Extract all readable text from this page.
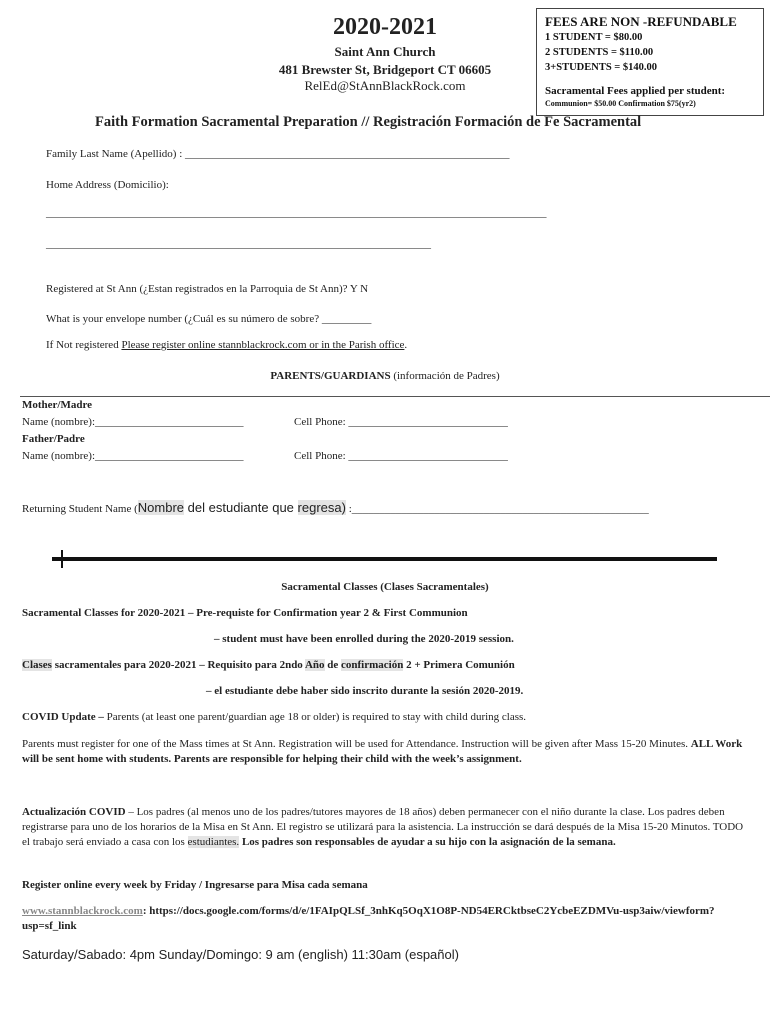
2020-2021
Saint Ann Church
481 Brewster St, Bridgeport CT 06605
RelEd@StAnnBlackRock.com
FEES ARE NON -REFUNDABLE
1 STUDENT = $80.00
2 STUDENTS = $110.00
3+STUDENTS = $140.00
Sacramental Fees applied per student:
Communion= $50.00 Confirmation $75(yr2)
Faith Formation Sacramental Preparation // Registración Formación de Fe Sacramental
Family Last Name (Apellido) : ___________________________________________________________
Home Address (Domicilio):
___________________________________________________________________________________________
______________________________________________________________________
Registered at St Ann (¿Estan registrados en la Parroquia de St Ann)? Y N
What is your envelope number (¿Cuál es su número de sobre? _________
If Not registered Please register online stannblackrock.com or in the Parish office.
PARENTS/GUARDIANS (información de Padres)
Mother/Madre
Name (nombre):___________________________	Cell Phone: _____________________________
Father/Padre
Name (nombre):___________________________	Cell Phone: _____________________________
Returning Student Name (Nombre del estudiante que regresa) :______________________________________________________
Sacramental Classes (Clases Sacramentales)
Sacramental Classes for 2020-2021 – Pre-requiste for Confirmation year 2 & First Communion
– student must have been enrolled during the 2020-2019 session.
Clases sacramentales para 2020-2021 – Requisito para 2ndo Año de confirmación 2 + Primera Comunión
– el estudiante debe haber sido inscrito durante la sesión 2020-2019.
COVID Update – Parents (at least one parent/guardian age 18 or older) is required to stay with child during class.
Parents must register for one of the Mass times at St Ann. Registration will be used for Attendance. Instruction will be given after Mass 15-20 Minutes. ALL Work will be sent home with students. Parents are responsible for helping their child with the week’s assignment.
Actualización COVID – Los padres (al menos uno de los padres/tutores mayores de 18 años) deben permanecer con el niño durante la clase. Los padres deben registrarse para uno de los horarios de la Misa en St Ann. El registro se utilizará para la asistencia. La instrucción se dará después de la Misa 15-20 Minutos. TODO el trabajo será enviado a casa con los estudiantes. Los padres son responsables de ayudar a su hijo con la asignación de la semana.
Register online every week by Friday / Ingresarse para Misa cada semana
www.stannblackrock.com: https://docs.google.com/forms/d/e/1FAIpQLSf_3nhKq5OqX1O8P-ND54ERCktbseC2YcbeEZDMVu-usp3aiw/viewform?usp=sf_link
Saturday/Sabado: 4pm Sunday/Domingo: 9 am (english) 11:30am (español)
